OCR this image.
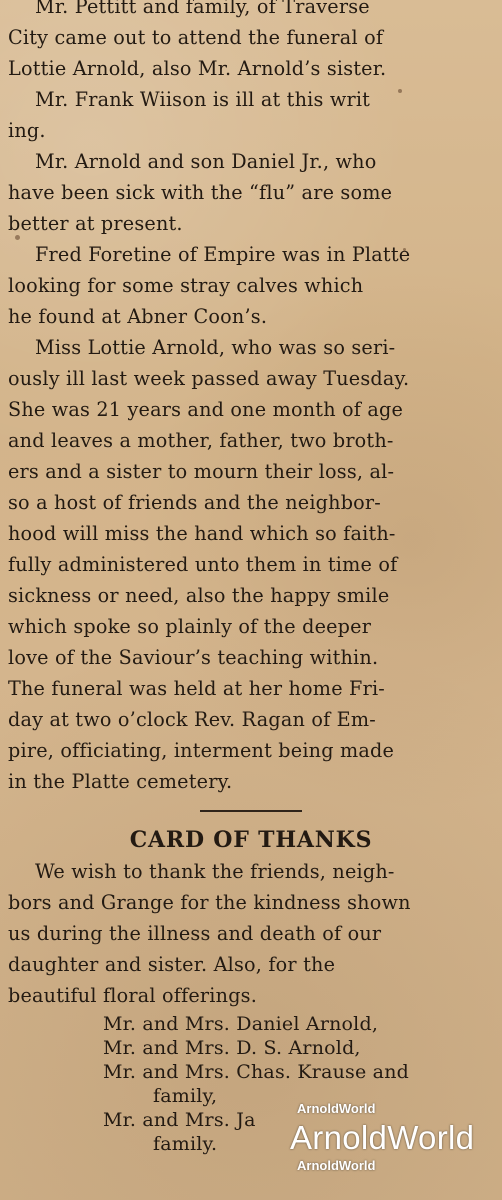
Mr. Pettitt and family, of Traverse
City came out to attend the funeral of
Lottie Arnold, also Mr. Arnold’s sister.

Mr. Frank Wiison is ill at this writ
ing.

Mr. Arnold and son Daniel Jr., who
have been sick with the “flu” are some
better at present.

Fred Foretine of Empire was in Platte
looking for some stray calves which
he found at Abner Coon’s.

Miss Lottie Arnold, who was so seri-
ously ill last week passed away Tuesday.
She was 21 years and one month of age
and leaves a mother, father, two broth-
ers and a sister to mourn their loss, al-
so a host of friends and the neighbor-
hood will miss the hand which so faith-
fully administered unto them in time of
sickness or need, also the happy smile
which spoke so plainly of the deeper
love of the Saviour’s teaching within.
The funeral was held at her home Fri-
day at two o’clock Rev. Ragan of Em-
pire, officiating, interment being made
in the Platte cemetery.

CARD OF THANKS

We wish to thank the friends, neigh-
bors and Grange for the kindness shown
us during the illness and death of our
daughter and sister. Also, for the
beautiful floral offerings.

Mr. and Mrs. Daniel Arnold,
Mr. and Mrs. D. S. Arnold,
Mr. and Mrs. Chas. Krause and
family,
Mr. and Mrs. Ja
family.
ArnoldWorld
ArnoldWorld
ArnoldWorld
